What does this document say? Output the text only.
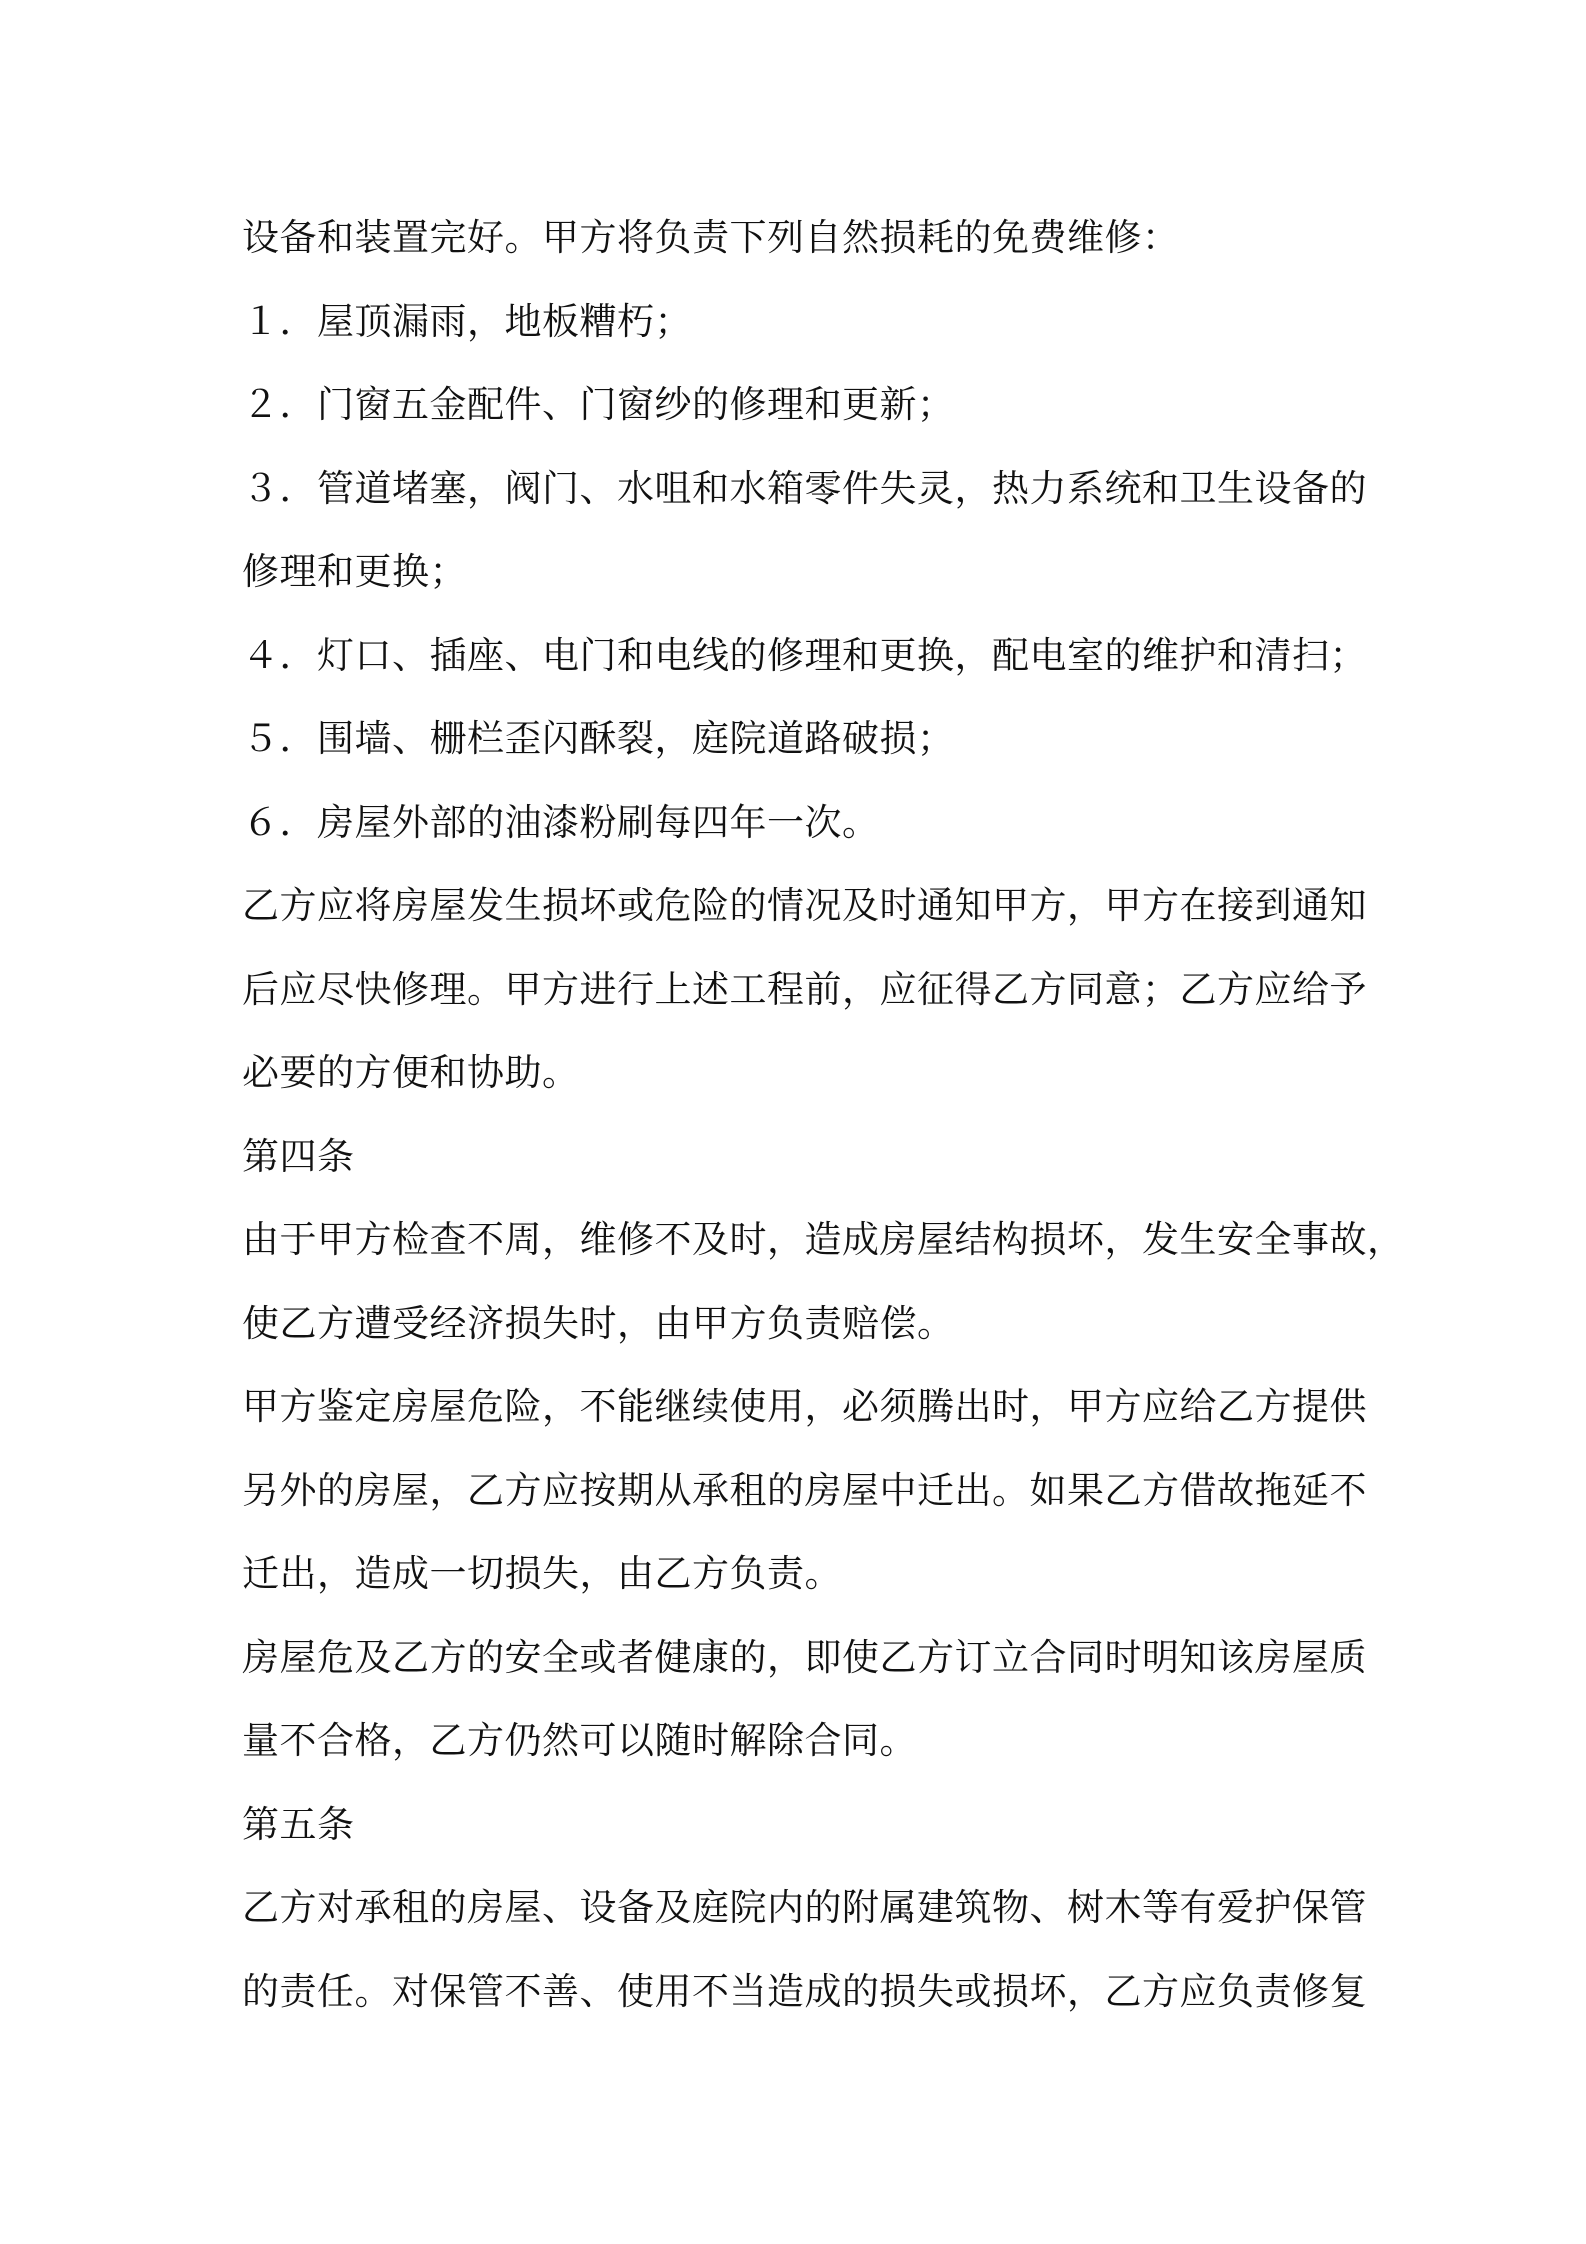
设备和装置完好。甲方将负责下列自然损耗的免费维修：
１．屋顶漏雨，地板糟朽；
２．门窗五金配件、门窗纱的修理和更新；
３．管道堵塞，阀门、水咀和水箱零件失灵，热力系统和卫生设备的
修理和更换；
４．灯口、插座、电门和电线的修理和更换，配电室的维护和清扫；
５．围墙、栅栏歪闪酥裂，庭院道路破损；
６．房屋外部的油漆粉刷每四年一次。
乙方应将房屋发生损坏或危险的情况及时通知甲方，甲方在接到通知
后应尽快修理。甲方进行上述工程前，应征得乙方同意；乙方应给予
必要的方便和协助。
第四条
由于甲方检查不周，维修不及时，造成房屋结构损坏，发生安全事故，
使乙方遭受经济损失时，由甲方负责赔偿。
甲方鉴定房屋危险，不能继续使用，必须腾出时，甲方应给乙方提供
另外的房屋，乙方应按期从承租的房屋中迁出。如果乙方借故拖延不
迁出，造成一切损失，由乙方负责。
房屋危及乙方的安全或者健康的，即使乙方订立合同时明知该房屋质
量不合格，乙方仍然可以随时解除合同。
第五条
乙方对承租的房屋、设备及庭院内的附属建筑物、树木等有爱护保管
的责任。对保管不善、使用不当造成的损失或损坏，乙方应负责修复
